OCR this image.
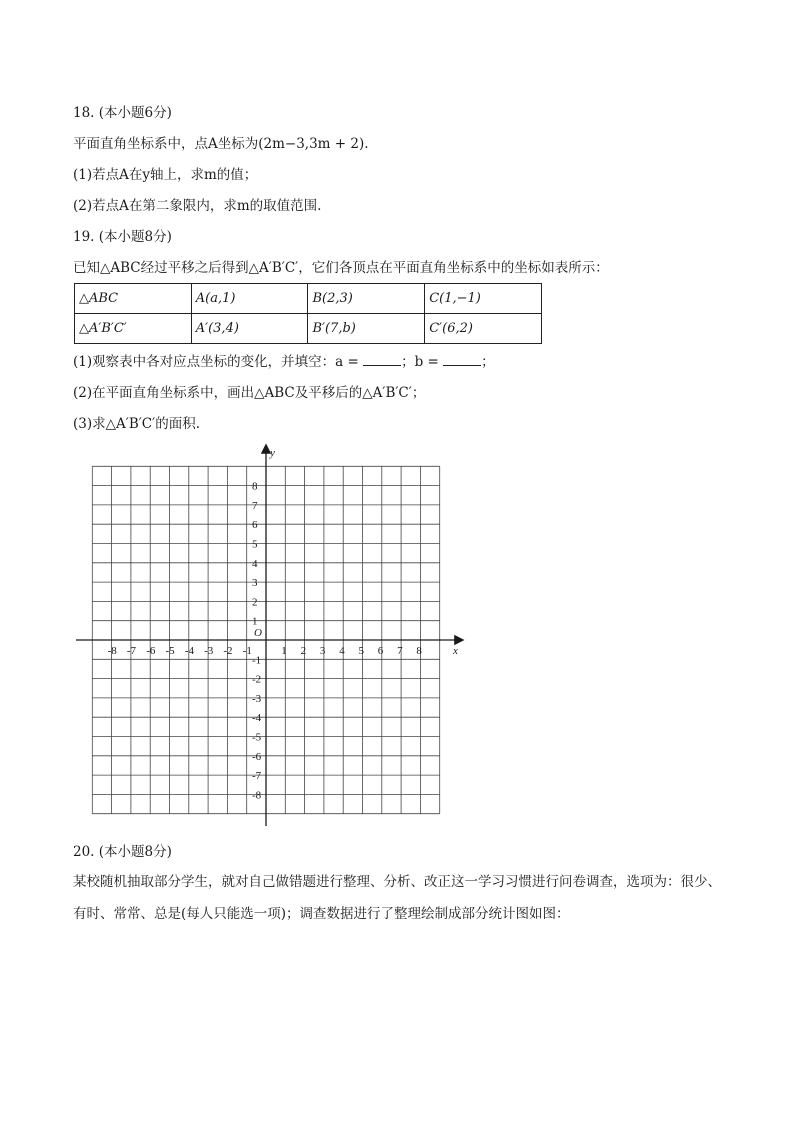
18. (本小题6分)

平面直角坐标系中，点A坐标为(2m−3,3m + 2).

(1)若点A在y轴上，求m的值；

(2)若点A在第二象限内，求m的取值范围.

19. (本小题8分)

已知△ABC经过平移之后得到△A′B′C′，它们各顶点在平面直角坐标系中的坐标如表所示：

△ABC	A(a,1)	B(2,3)	C(1,−1)
△A′B′C′	A′(3,4)	B′(7,b)	C′(6,2)

(1)观察表中各对应点坐标的变化，并填空：a =	；b =	；

(2)在平面直角坐标系中，画出△ABC及平移后的△A′B′C′；

(3)求△A′B′C′的面积.

-8 -7 -6 -5 -4 -3 -2 -1	1 2 3 4 5 6 7 8
8
7
6
5
4
3
2
1
-1
-2
-3
-4
-5
-6
-7
-8
x
y
O

20. (本小题8分)

某校随机抽取部分学生，就对自己做错题进行整理、分析、改正这一学习习惯进行问卷调查，选项为：很少、有时、常常、总是(每人只能选一项)；调查数据进行了整理绘制成部分统计图如图：
